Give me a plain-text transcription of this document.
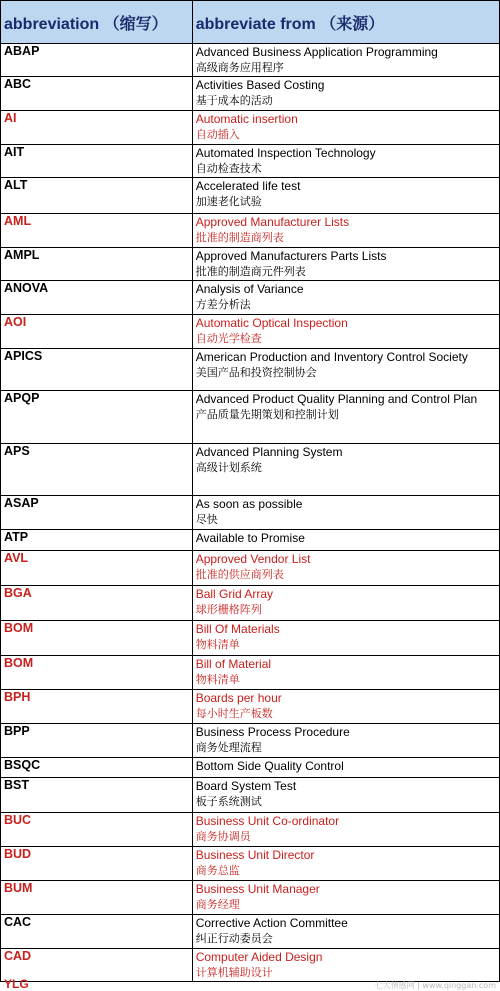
abbreviation （缩写）	abbreviate from （来源）
ABAP	Advanced Business Application Programming
高级商务应用程序

ABC	Activities Based Costing
基于成本的活动

AI	Automatic insertion
自动插入

AIT	Automated Inspection Technology
自动检查技术

ALT	Accelerated life test
加速老化试验

AML	Approved Manufacturer Lists
批准的制造商列表

AMPL	Approved Manufacturers Parts Lists
批准的制造商元件列表

ANOVA	Analysis of Variance
方差分析法

AOI	Automatic Optical Inspection
自动光学检查

APICS	American Production and Inventory Control Society
美国产品和投资控制协会

APQP	Advanced Product Quality Planning and Control Plan
产品质量先期策划和控制计划

APS	Advanced Planning System
高级计划系统

ASAP	As soon as possible
尽快

ATP	Available to Promise

AVL	Approved Vendor List
批准的供应商列表

BGA	Ball Grid Array
球形栅格阵列

BOM	Bill Of Materials
物料清单

BOM	Bill of Material
物料清单

BPH	Boards per hour
每小时生产板数

BPP	Business Process Procedure
商务处理流程

BSQC	Bottom Side Quality Control

BST	Board System Test
板子系统测试

BUC	Business Unit Co-ordinator
商务协调员

BUD	Business Unit Director
商务总监

BUM	Business Unit Manager
商务经理

CAC	Corrective Action Committee
纠正行动委员会

CAD	Computer Aided Design
计算机辅助设计
YLG	七大情感网 | www.qinggan.com
